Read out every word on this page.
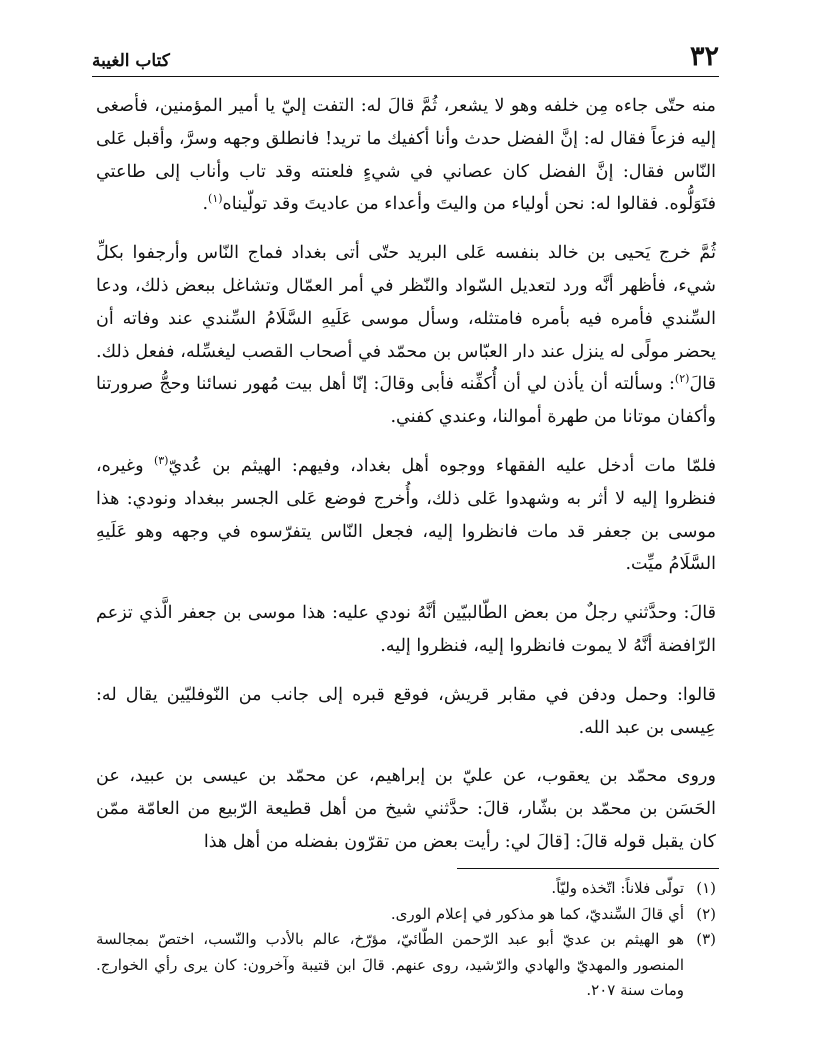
٣٢
كتاب الغيبة

منه حتّى جاءه مِن خلفه وهو لا يشعر، ثُمَّ قالَ له: التفت إليّ يا أمير المؤمنين، فأصغى إليه فزعاً فقال له: إنَّ الفضل حدث وأنا أكفيك ما تريد! فانطلق وجهه وسرَّ، وأقبل عَلى النّاس فقال: إنَّ الفضل كان عصاني في شيءٍ فلعنته وقد تاب وأناب إلى طاعتي فتَوَلُّوه. فقالوا له: نحن أولياء من واليتَ وأعداء من عاديتَ وقد تولّيناه$^{(١)}$.

ثُمَّ خرج يَحيى بن خالد بنفسه عَلى البريد حتّى أتى بغداد فماج النّاس وأرجفوا بكلِّ شيء، فأظهر أنَّه ورد لتعديل السّواد والنّظر في أمر العمّال وتشاغل ببعض ذلك، ودعا السِّندي فأمره فيه بأمره فامتثله، وسأل موسى عَلَيهِ السَّلَامُ السِّندي عند وفاته أن يحضر مولًى له ينزل عند دار العبّاس بن محمّد في أصحاب القصب ليغسِّله، ففعل ذلك. قالَ$^{(٢)}$: وسألته أن يأذن لي أن أُكفِّنه فأبى وقالَ: إنّا أهل بيت مُهور نسائنا وحجُّ صرورتنا وأكفان موتانا من طهرة أموالنا، وعندي كفني.

فلمّا مات أدخل عليه الفقهاء ووجوه أهل بغداد، وفيهم: الهيثم بن عُديّ$^{(٣)}$ وغيره، فنظروا إليه لا أثر به وشهدوا عَلى ذلك، وأُخرج فوضع عَلى الجسر ببغداد ونودي: هذا موسى بن جعفر قد مات فانظروا إليه، فجعل النّاس يتفرّسوه في وجهه وهو عَلَيهِ السَّلَامُ ميِّت.

قالَ: وحدَّثني رجلٌ من بعض الطّالبيّين أنَّهُ نودي عليه: هذا موسى بن جعفر الَّذي تزعم الرّافضة أنَّهُ لا يموت فانظروا إليه، فنظروا إليه.

قالوا: وحمل ودفن في مقابر قريش، فوقع قبره إلى جانب من النّوفليّين يقال له: عِيسى بن عبد الله.

وروى محمّد بن يعقوب، عن عليّ بن إبراهيم، عن محمّد بن عيسى بن عبيد، عن الحَسَن بن محمّد بن بشّار، قالَ: حدَّثني شيخ من أهل قطيعة الرّبيع من العامّة ممّن كان يقبل قوله قالَ: [قالَ لي: رأيت بعض من تقرّون بفضله من أهل هذا

(١)
تولّى فلاناً: اتّخذه وليّاً.
(٢)
أي قالَ السِّنديّ، كما هو مذكور في إعلام الورى.
(٣)
هو الهيثم بن عديّ أبو عبد الرّحمن الطّائيّ، مؤرّخ، عالم بالأدب والنّسب، اختصّ بمجالسة المنصور والمهديّ والهادي والرّشيد، روى عنهم. قالَ ابن قتيبة وآخرون: كان يرى رأي الخوارج. ومات سنة ٢٠٧.
